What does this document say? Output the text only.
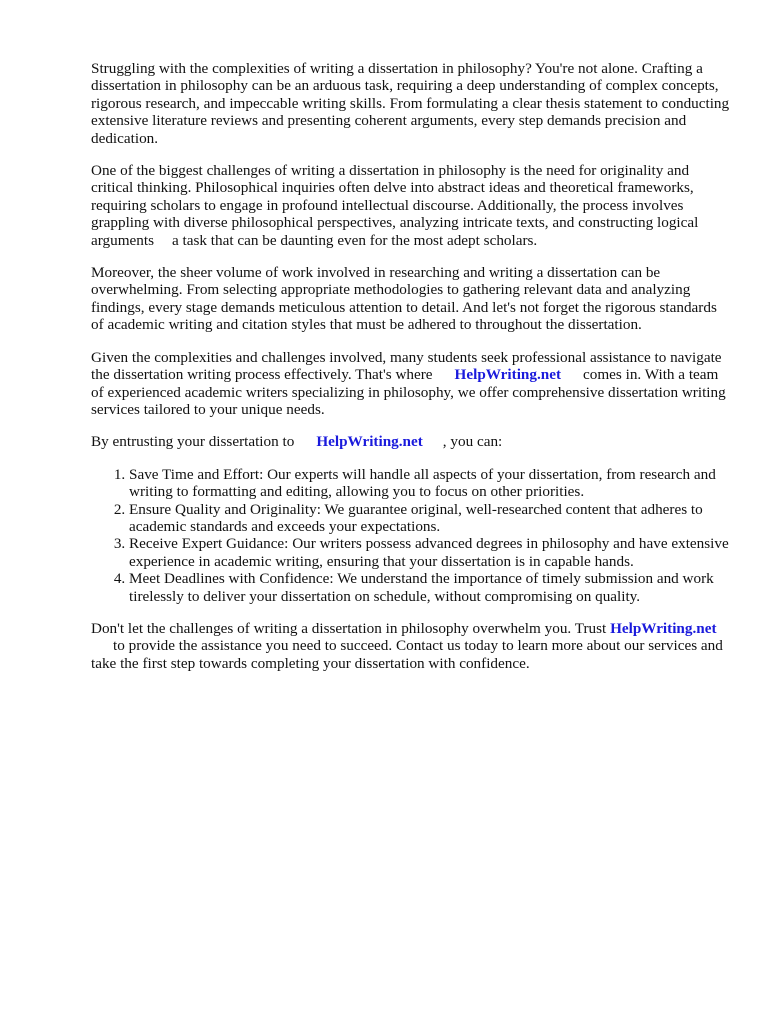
Struggling with the complexities of writing a dissertation in philosophy? You're not alone. Crafting a dissertation in philosophy can be an arduous task, requiring a deep understanding of complex concepts, rigorous research, and impeccable writing skills. From formulating a clear thesis statement to conducting extensive literature reviews and presenting coherent arguments, every step demands precision and dedication.

One of the biggest challenges of writing a dissertation in philosophy is the need for originality and critical thinking. Philosophical inquiries often delve into abstract ideas and theoretical frameworks, requiring scholars to engage in profound intellectual discourse. Additionally, the process involves grappling with diverse philosophical perspectives, analyzing intricate texts, and constructing logical arguments a task that can be daunting even for the most adept scholars.

Moreover, the sheer volume of work involved in researching and writing a dissertation can be overwhelming. From selecting appropriate methodologies to gathering relevant data and analyzing findings, every stage demands meticulous attention to detail. And let's not forget the rigorous standards of academic writing and citation styles that must be adhered to throughout the dissertation.

Given the complexities and challenges involved, many students seek professional assistance to navigate the dissertation writing process effectively. That's where HelpWriting.net comes in. With a team of experienced academic writers specializing in philosophy, we offer comprehensive dissertation writing services tailored to your unique needs.

By entrusting your dissertation to HelpWriting.net , you can:

1. Save Time and Effort: Our experts will handle all aspects of your dissertation, from research and writing to formatting and editing, allowing you to focus on other priorities.
2. Ensure Quality and Originality: We guarantee original, well-researched content that adheres to academic standards and exceeds your expectations.
3. Receive Expert Guidance: Our writers possess advanced degrees in philosophy and have extensive experience in academic writing, ensuring that your dissertation is in capable hands.
4. Meet Deadlines with Confidence: We understand the importance of timely submission and work tirelessly to deliver your dissertation on schedule, without compromising on quality.

Don't let the challenges of writing a dissertation in philosophy overwhelm you. Trust HelpWriting.netto provide the assistance you need to succeed. Contact us today to learn more about our services and take the first step towards completing your dissertation with confidence.
